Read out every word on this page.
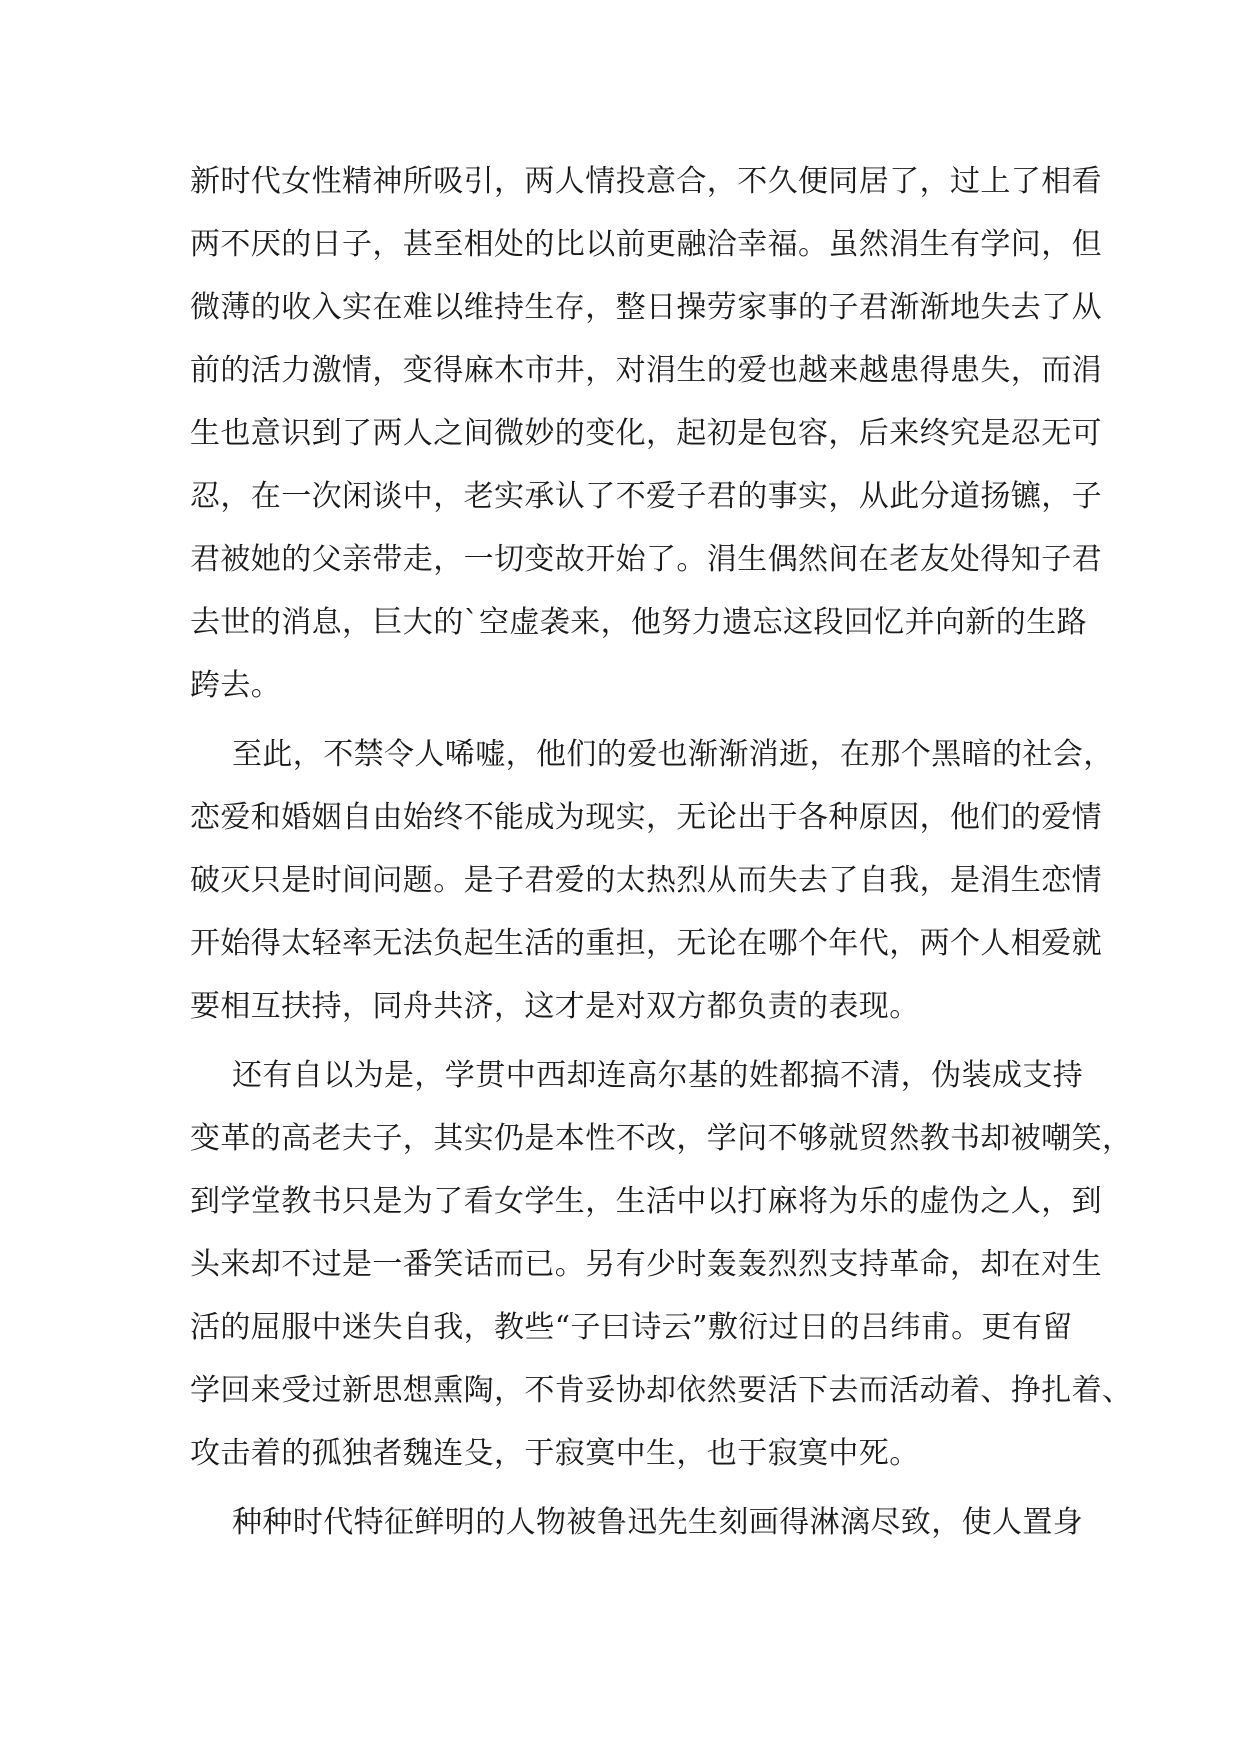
新时代女性精神所吸引，两人情投意合，不久便同居了，过上了相看
两不厌的日子，甚至相处的比以前更融洽幸福。虽然涓生有学问，但
微薄的收入实在难以维持生存，整日操劳家事的子君渐渐地失去了从
前的活力激情，变得麻木市井，对涓生的爱也越来越患得患失，而涓
生也意识到了两人之间微妙的变化，起初是包容，后来终究是忍无可
忍，在一次闲谈中，老实承认了不爱子君的事实，从此分道扬镳，子
君被她的父亲带走，一切变故开始了。涓生偶然间在老友处得知子君
去世的消息，巨大的`空虚袭来，他努力遗忘这段回忆并向新的生路
跨去。
至此，不禁令人唏嘘，他们的爱也渐渐消逝，在那个黑暗的社会，
恋爱和婚姻自由始终不能成为现实，无论出于各种原因，他们的爱情
破灭只是时间问题。是子君爱的太热烈从而失去了自我，是涓生恋情
开始得太轻率无法负起生活的重担，无论在哪个年代，两个人相爱就
要相互扶持，同舟共济，这才是对双方都负责的表现。
还有自以为是，学贯中西却连高尔基的姓都搞不清，伪装成支持
变革的高老夫子，其实仍是本性不改，学问不够就贸然教书却被嘲笑，
到学堂教书只是为了看女学生，生活中以打麻将为乐的虚伪之人，到
头来却不过是一番笑话而已。另有少时轰轰烈烈支持革命，却在对生
活的屈服中迷失自我，教些“子曰诗云”敷衍过日的吕纬甫。更有留
学回来受过新思想熏陶，不肯妥协却依然要活下去而活动着、挣扎着、
攻击着的孤独者魏连殳，于寂寞中生，也于寂寞中死。
种种时代特征鲜明的人物被鲁迅先生刻画得淋漓尽致，使人置身
